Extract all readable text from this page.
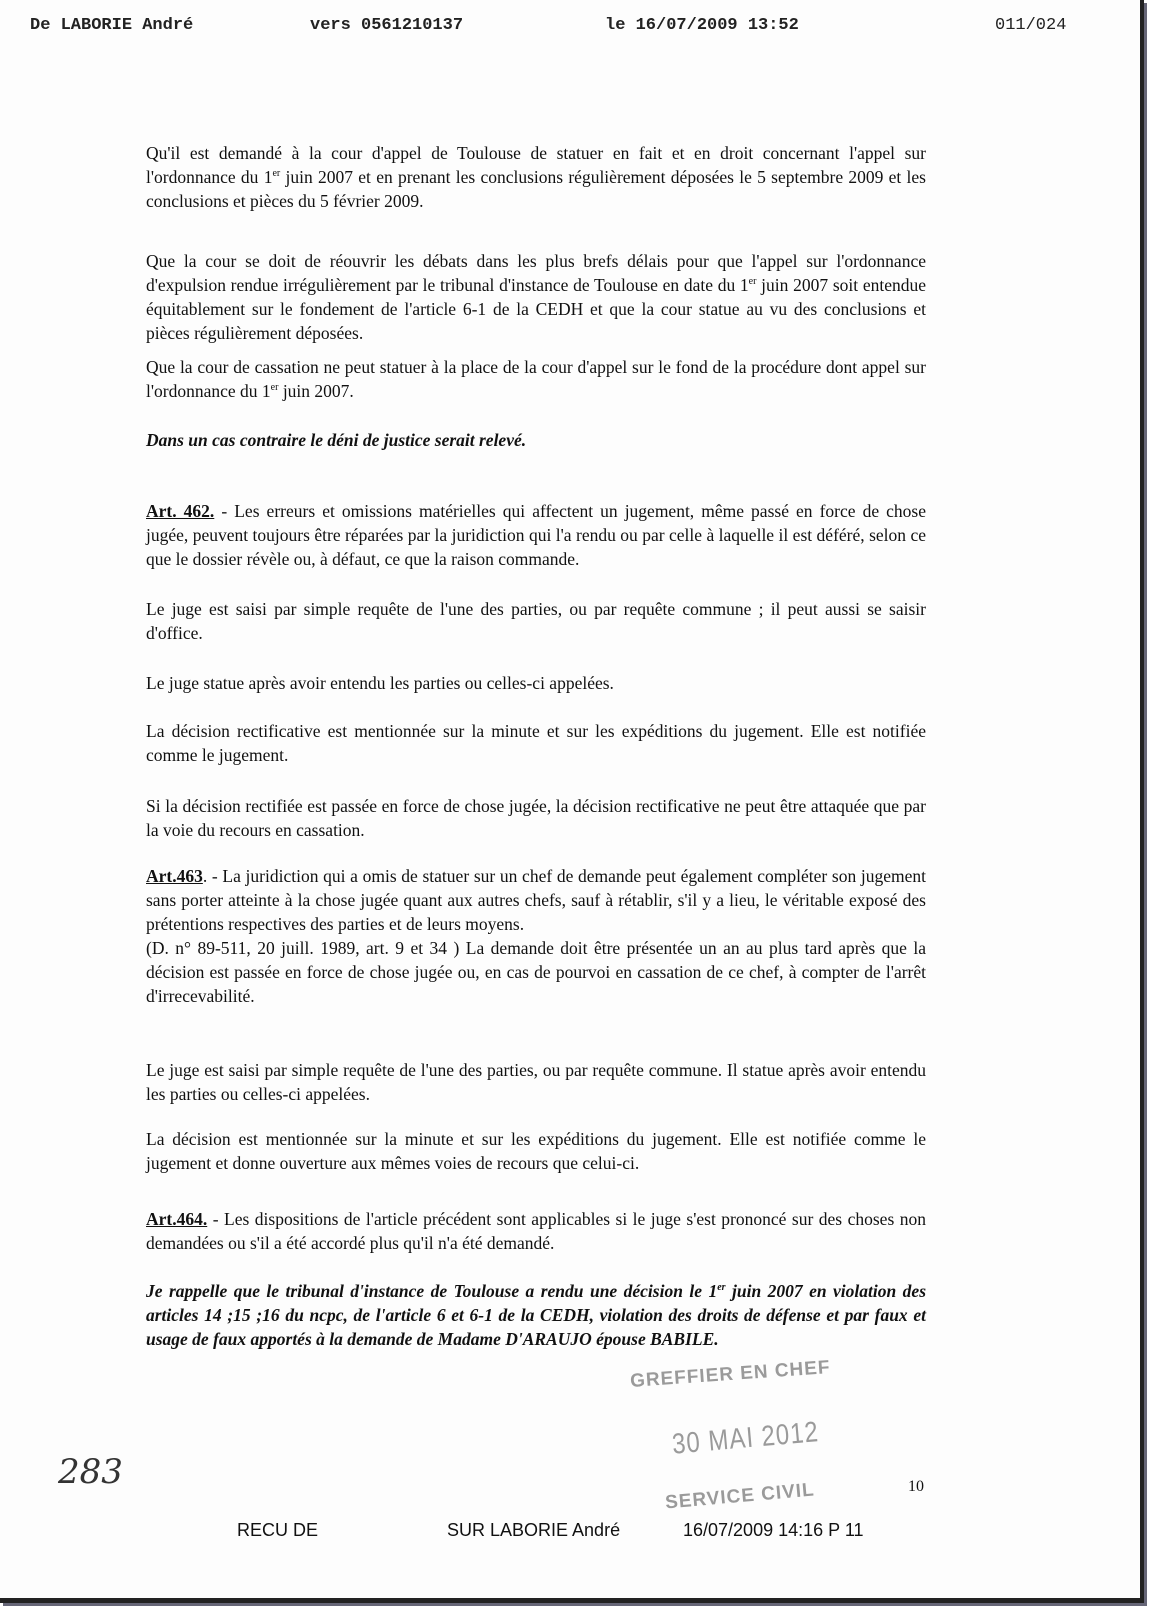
De LABORIE André	vers 0561210137	le 16/07/2009 13:52	011/024
Qu'il est demandé à la cour d'appel de Toulouse de statuer en fait et en droit concernant l'appel sur l'ordonnance du 1er juin 2007 et en prenant les conclusions régulièrement déposées le 5 septembre 2009 et les conclusions et pièces du 5 février 2009.
Que la cour se doit de réouvrir les débats dans les plus brefs délais pour que l'appel sur l'ordonnance d'expulsion rendue irrégulièrement par le tribunal d'instance de Toulouse en date du 1er juin 2007 soit entendue équitablement sur le fondement de l'article 6-1 de la CEDH et que la cour statue au vu des conclusions et pièces régulièrement déposées.
Que la cour de cassation ne peut statuer à la place de la cour d'appel sur le fond de la procédure dont appel sur l'ordonnance du 1er juin 2007.
Dans un cas contraire le déni de justice serait relevé.
Art. 462. - Les erreurs et omissions matérielles qui affectent un jugement, même passé en force de chose jugée, peuvent toujours être réparées par la juridiction qui l'a rendu ou par celle à laquelle il est déféré, selon ce que le dossier révèle ou, à défaut, ce que la raison commande.
Le juge est saisi par simple requête de l'une des parties, ou par requête commune ; il peut aussi se saisir d'office.
Le juge statue après avoir entendu les parties ou celles-ci appelées.
La décision rectificative est mentionnée sur la minute et sur les expéditions du jugement. Elle est notifiée comme le jugement.
Si la décision rectifiée est passée en force de chose jugée, la décision rectificative ne peut être attaquée que par la voie du recours en cassation.
Art.463. - La juridiction qui a omis de statuer sur un chef de demande peut également compléter son jugement sans porter atteinte à la chose jugée quant aux autres chefs, sauf à rétablir, s'il y a lieu, le véritable exposé des prétentions respectives des parties et de leurs moyens.
(D. n° 89-511, 20 juill. 1989, art. 9 et 34 ) La demande doit être présentée un an au plus tard après que la décision est passée en force de chose jugée ou, en cas de pourvoi en cassation de ce chef, à compter de l'arrêt d'irrecevabilité.
Le juge est saisi par simple requête de l'une des parties, ou par requête commune. Il statue après avoir entendu les parties ou celles-ci appelées.
La décision est mentionnée sur la minute et sur les expéditions du jugement. Elle est notifiée comme le jugement et donne ouverture aux mêmes voies de recours que celui-ci.
Art.464. - Les dispositions de l'article précédent sont applicables si le juge s'est prononcé sur des choses non demandées ou s'il a été accordé plus qu'il n'a été demandé.
Je rappelle que le tribunal d'instance de Toulouse a rendu une décision le 1er juin 2007 en violation des articles 14 ;15 ;16 du ncpc, de l'article 6 et 6-1 de la CEDH, violation des droits de défense et par faux et usage de faux apportés à la demande de Madame D'ARAUJO épouse BABILE.
GREFFIER EN CHEF
30 MAI 2012
SERVICE CIVIL
283	10
RECU DE	SUR LABORIE André	16/07/2009 14:16 P 11
